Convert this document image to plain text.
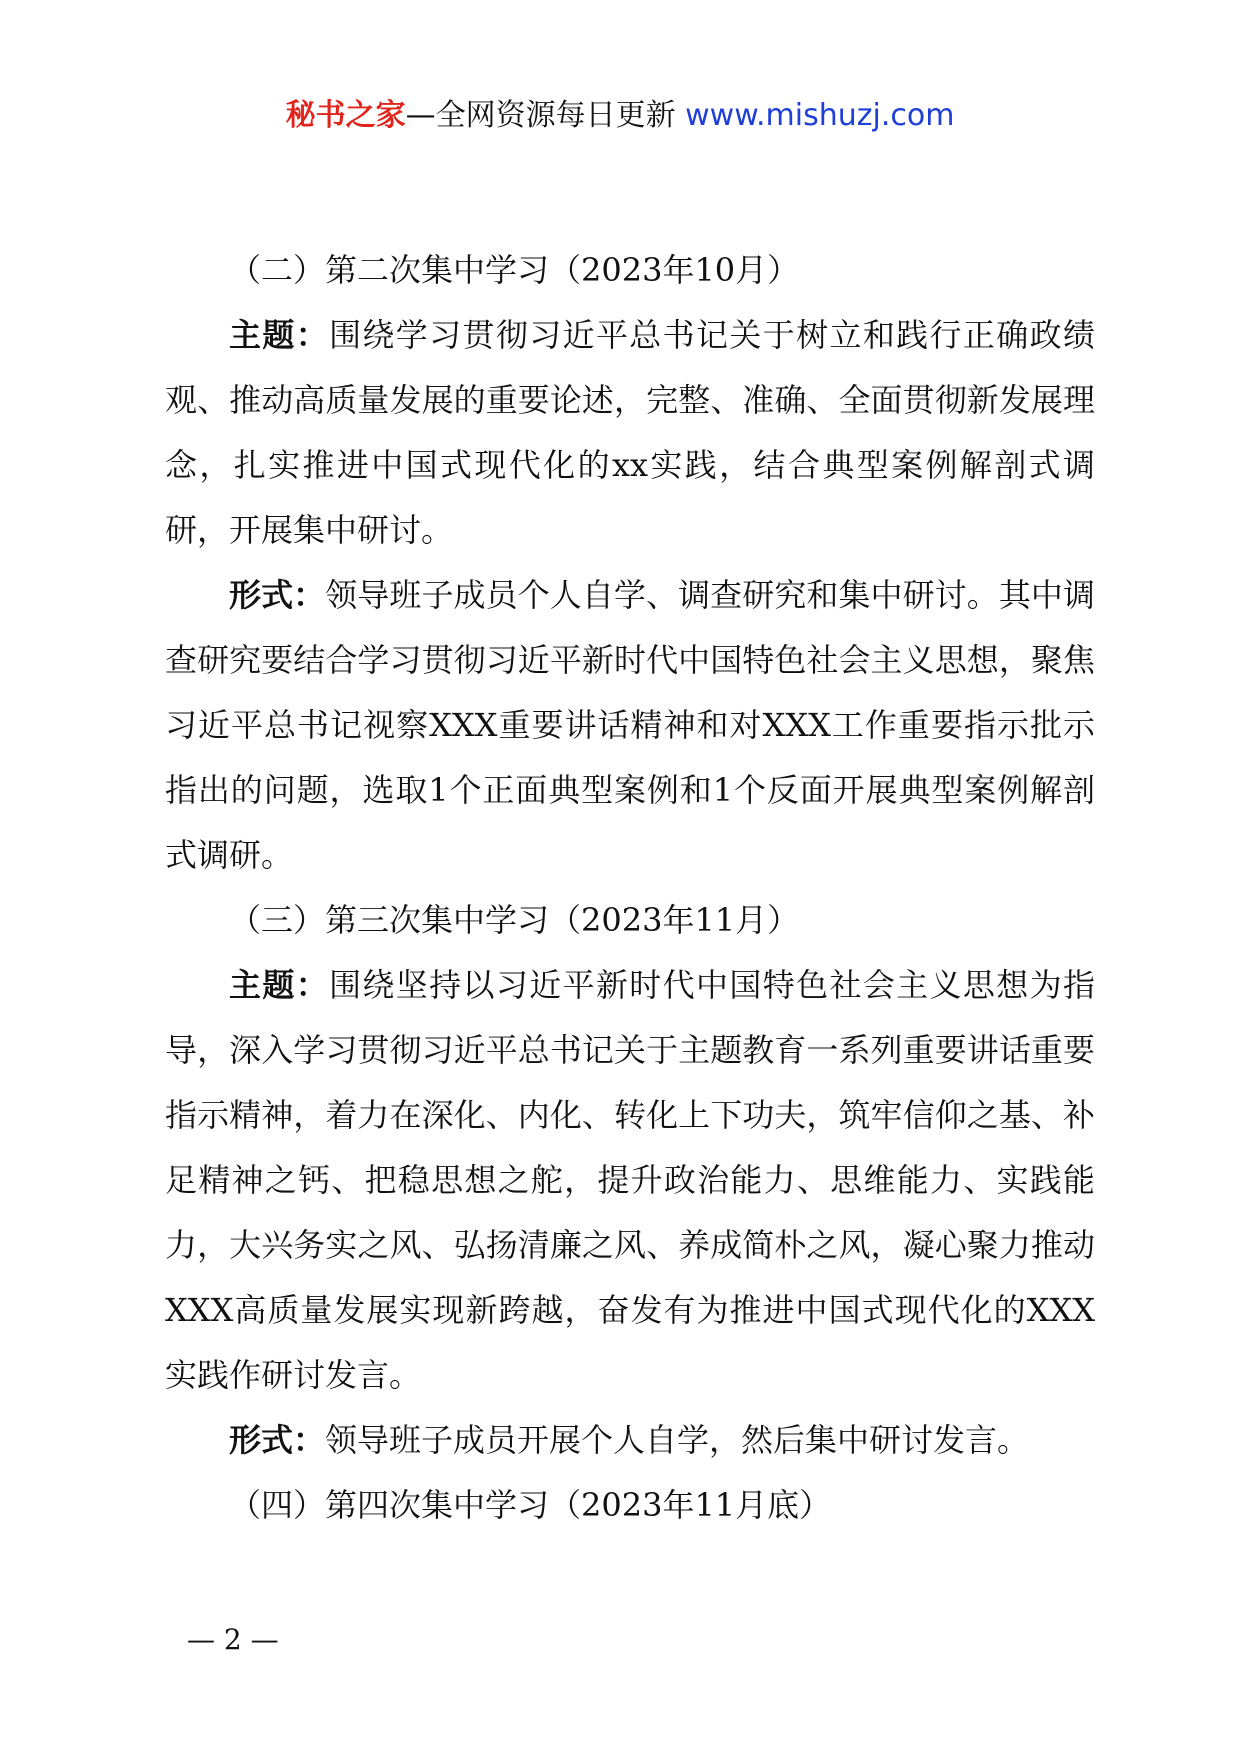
秘书之家—全网资源每日更新 www.mishuzj.com

（二）第二次集中学习（2023年10月）

主题：围绕学习贯彻习近平总书记关于树立和践行正确政绩观、推动高质量发展的重要论述，完整、准确、全面贯彻新发展理念，扎实推进中国式现代化的xx实践，结合典型案例解剖式调研，开展集中研讨。

形式：领导班子成员个人自学、调查研究和集中研讨。其中调查研究要结合学习贯彻习近平新时代中国特色社会主义思想，聚焦习近平总书记视察XXX重要讲话精神和对XXX工作重要指示批示指出的问题，选取1个正面典型案例和1个反面开展典型案例解剖式调研。

（三）第三次集中学习（2023年11月）

主题：围绕坚持以习近平新时代中国特色社会主义思想为指导，深入学习贯彻习近平总书记关于主题教育一系列重要讲话重要指示精神，着力在深化、内化、转化上下功夫，筑牢信仰之基、补足精神之钙、把稳思想之舵，提升政治能力、思维能力、实践能力，大兴务实之风、弘扬清廉之风、养成简朴之风，凝心聚力推动XXX高质量发展实现新跨越，奋发有为推进中国式现代化的XXX实践作研讨发言。

形式：领导班子成员开展个人自学，然后集中研讨发言。

（四）第四次集中学习（2023年11月底）

— 2 —
